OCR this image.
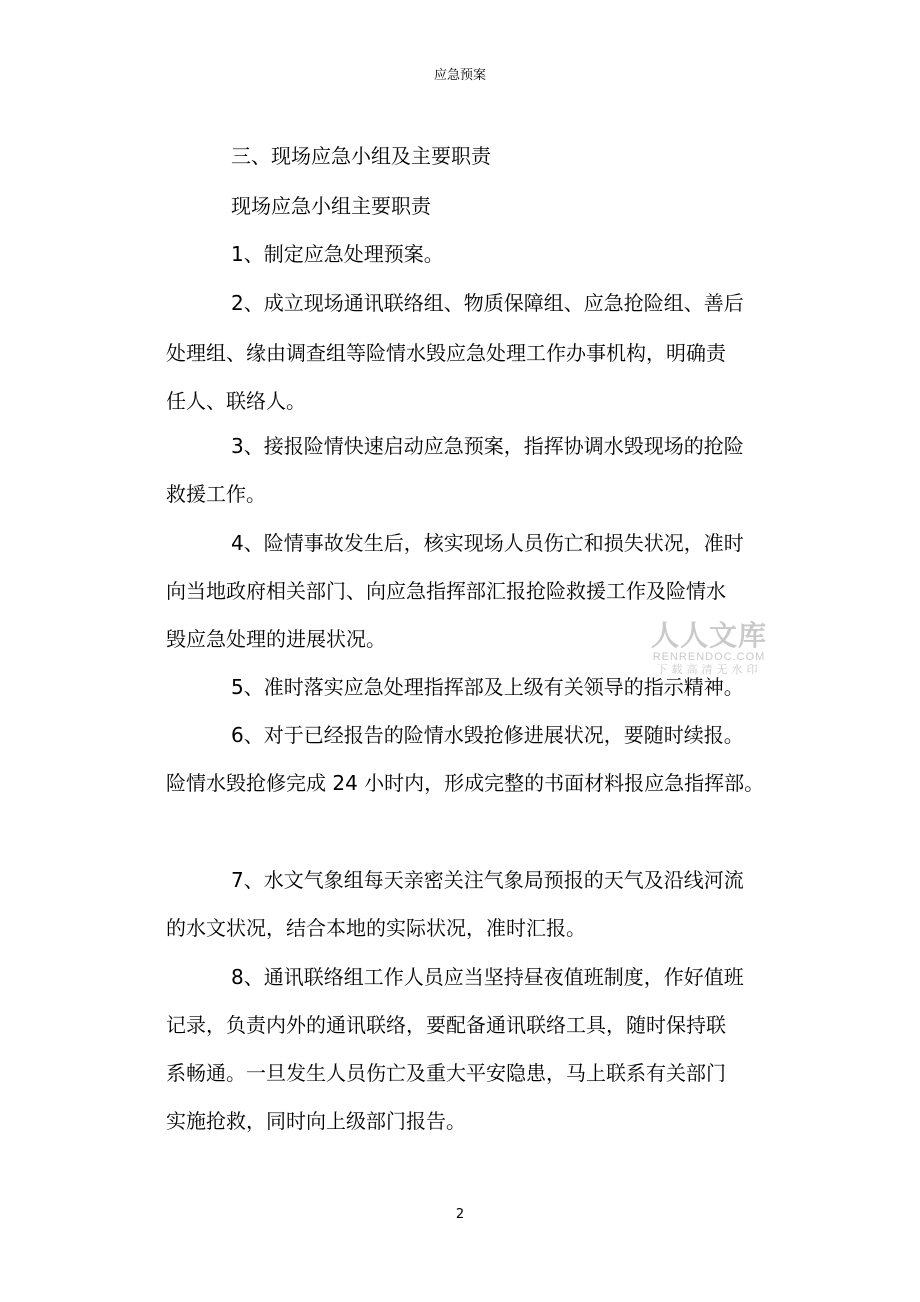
应急预案
三、现场应急小组及主要职责
现场应急小组主要职责
1、制定应急处理预案。
2、成立现场通讯联络组、物质保障组、应急抢险组、善后
处理组、缘由调查组等险情水毁应急处理工作办事机构，明确责
任人、联络人。
3、接报险情快速启动应急预案，指挥协调水毁现场的抢险
救援工作。
4、险情事故发生后，核实现场人员伤亡和损失状况，准时
向当地政府相关部门、向应急指挥部汇报抢险救援工作及险情水
毁应急处理的进展状况。
5、准时落实应急处理指挥部及上级有关领导的指示精神。
6、对于已经报告的险情水毁抢修进展状况，要随时续报。
险情水毁抢修完成 24 小时内，形成完整的书面材料报应急指挥部。
7、水文气象组每天亲密关注气象局预报的天气及沿线河流
的水文状况，结合本地的实际状况，准时汇报。
8、通讯联络组工作人员应当坚持昼夜值班制度，作好值班
记录，负责内外的通讯联络，要配备通讯联络工具，随时保持联
系畅通。一旦发生人员伤亡及重大平安隐患，马上联系有关部门
实施抢救，同时向上级部门报告。
人人文库
RENRENDOC.COM
下载高清无水印
2
